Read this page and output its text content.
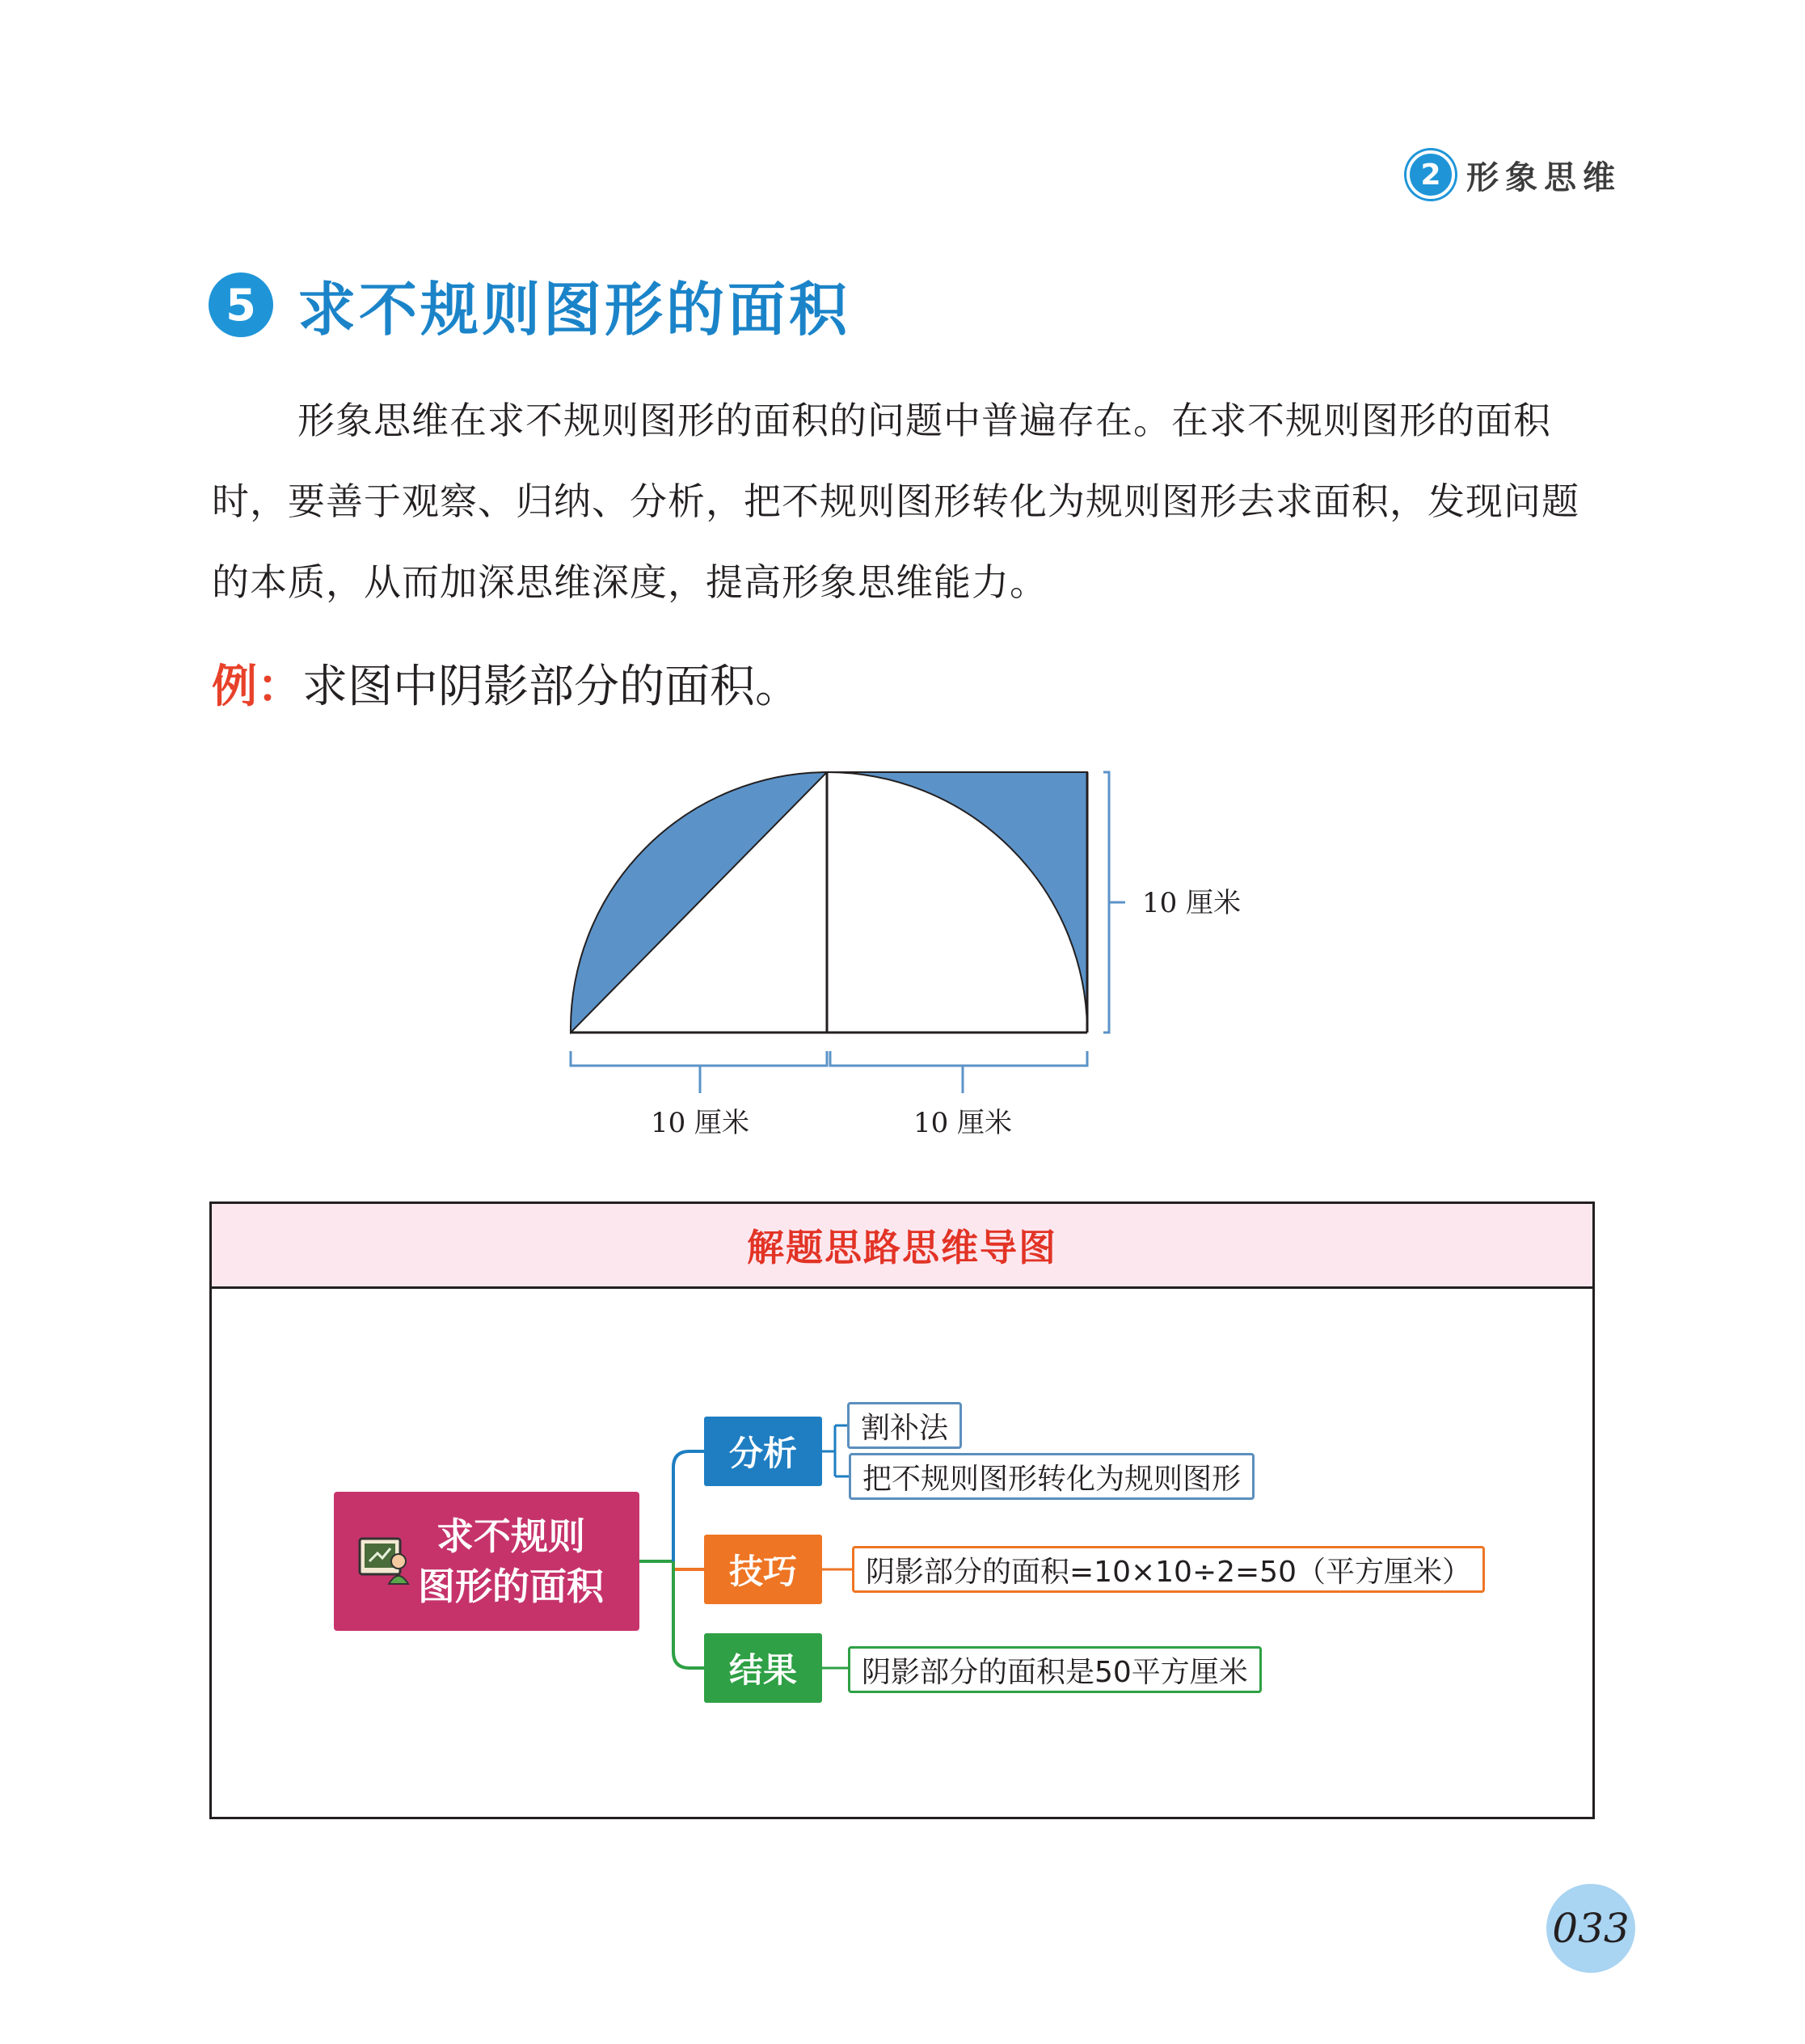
2 形象思维
5 求不规则图形的面积

形象思维在求不规则图形的面积的问题中普遍存在。在求不规则图形的面积时，要善于观察、归纳、分析，把不规则图形转化为规则图形去求面积，发现问题的本质，从而加深思维深度，提高形象思维能力。

例： 求图中阴影部分的面积。
10 厘米
10 厘米	10 厘米
解题思路思维导图
求不规则
图形的面积
分析
技巧
结果
割补法
把不规则图形转化为规则图形
阴影部分的面积=10×10÷2=50（平方厘米）
阴影部分的面积是50平方厘米
033
